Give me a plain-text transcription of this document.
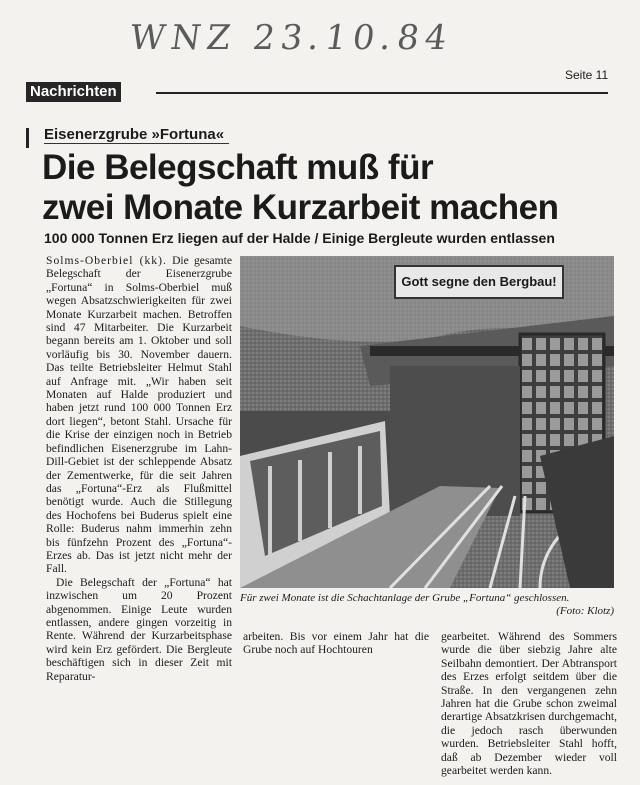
WNZ 23.10.84
Nachrichten
Seite 11
Eisenerzgrube »Fortuna«
Die Belegschaft muß für
zwei Monate Kurzarbeit machen
100 000 Tonnen Erz liegen auf der Halde / Einige Bergleute wurden entlassen

Solms-Oberbiel (kk). Die gesamte Belegschaft der Eisenerzgrube „Fortuna“ in Solms-Oberbiel muß wegen Absatzschwierigkeiten für zwei Monate Kurzarbeit machen. Betroffen sind 47 Mitarbeiter. Die Kurzarbeit begann bereits am 1. Oktober und soll vorläufig bis 30. November dauern. Das teilte Betriebsleiter Helmut Stahl auf Anfrage mit. „Wir haben seit Monaten auf Halde produziert und haben jetzt rund 100 000 Tonnen Erz dort liegen“, betont Stahl. Ursache für die Krise der einzigen noch in Betrieb befindlichen Eisenerzgrube im Lahn-Dill-Gebiet ist der schleppende Absatz der Zementwerke, für die seit Jahren das „Fortuna“-Erz als Flußmittel benötigt wurde. Auch die Stillegung des Hochofens bei Buderus spielt eine Rolle: Buderus nahm immerhin zehn bis fünfzehn Prozent des „Fortuna“-Erzes ab. Das ist jetzt nicht mehr der Fall.

Die Belegschaft der „Fortuna“ hat inzwischen um 20 Prozent abgenommen. Einige Leute wurden entlassen, andere gingen vorzeitig in Rente. Während der Kurzarbeitsphase wird kein Erz gefördert. Die Bergleute beschäftigen sich in dieser Zeit mit Reparatur-

Gott segne den Bergbau!
Für zwei Monate ist die Schachtanlage der Grube „Fortuna“ geschlossen.
(Foto: Klotz)

arbeiten. Bis vor einem Jahr hat die Grube noch auf Hochtouren

gearbeitet. Während des Sommers wurde die über siebzig Jahre alte Seilbahn demontiert. Der Abtransport des Erzes erfolgt seitdem über die Straße. In den vergangenen zehn Jahren hat die Grube schon zweimal derartige Absatzkrisen durchgemacht, die jedoch rasch überwunden wurden. Betriebsleiter Stahl hofft, daß ab Dezember wieder voll gearbeitet werden kann.
